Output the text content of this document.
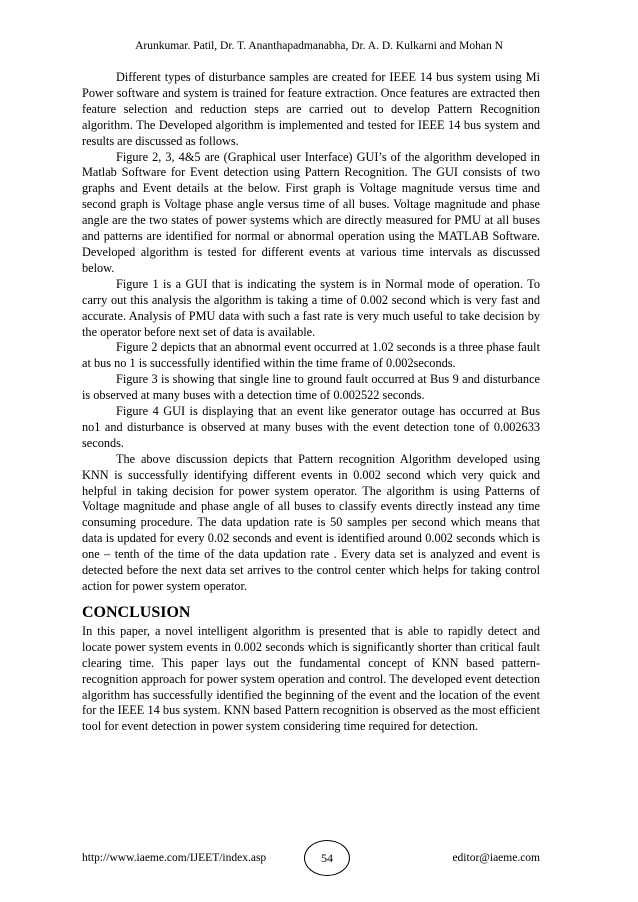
Arunkumar. Patil, Dr. T. Ananthapadmanabha, Dr. A. D. Kulkarni and Mohan N

Different types of disturbance samples are created for IEEE 14 bus system using Mi Power software and system is trained for feature extraction. Once features are extracted then feature selection and reduction steps are carried out to develop Pattern Recognition algorithm. The Developed algorithm is implemented and tested for IEEE 14 bus system and results are discussed as follows.

Figure 2, 3, 4&5 are (Graphical user Interface) GUI’s of the algorithm developed in Matlab Software for Event detection using Pattern Recognition. The GUI consists of two graphs and Event details at the below. First graph is Voltage magnitude versus time and second graph is Voltage phase angle versus time of all buses. Voltage magnitude and phase angle are the two states of power systems which are directly measured for PMU at all buses and patterns are identified for normal or abnormal operation using the MATLAB Software. Developed algorithm is tested for different events at various time intervals as discussed below.

Figure 1 is a GUI that is indicating the system is in Normal mode of operation. To carry out this analysis the algorithm is taking a time of 0.002 second which is very fast and accurate. Analysis of PMU data with such a fast rate is very much useful to take decision by the operator before next set of data is available.

Figure 2 depicts that an abnormal event occurred at 1.02 seconds is a three phase fault at bus no 1 is successfully identified within the time frame of 0.002seconds.

Figure 3 is showing that single line to ground fault occurred at Bus 9 and disturbance is observed at many buses with a detection time of 0.002522 seconds.

Figure 4 GUI is displaying that an event like generator outage has occurred at Bus no1 and disturbance is observed at many buses with the event detection tone of 0.002633 seconds.

The above discussion depicts that Pattern recognition Algorithm developed using KNN is successfully identifying different events in 0.002 second which very quick and helpful in taking decision for power system operator. The algorithm is using Patterns of Voltage magnitude and phase angle of all buses to classify events directly instead any time consuming procedure. The data updation rate is 50 samples per second which means that data is updated for every 0.02 seconds and event is identified around 0.002 seconds which is one – tenth of the time of the data updation rate . Every data set is analyzed and event is detected before the next data set arrives to the control center which helps for taking control action for power system operator.

CONCLUSION

In this paper, a novel intelligent algorithm is presented that is able to rapidly detect and locate power system events in 0.002 seconds which is significantly shorter than critical fault clearing time. This paper lays out the fundamental concept of KNN based pattern-recognition approach for power system operation and control. The developed event detection algorithm has successfully identified the beginning of the event and the location of the event for the IEEE 14 bus system. KNN based Pattern recognition is observed as the most efficient tool for event detection in power system considering time required for detection.

http://www.iaeme.com/IJEET/index.asp	54	editor@iaeme.com
